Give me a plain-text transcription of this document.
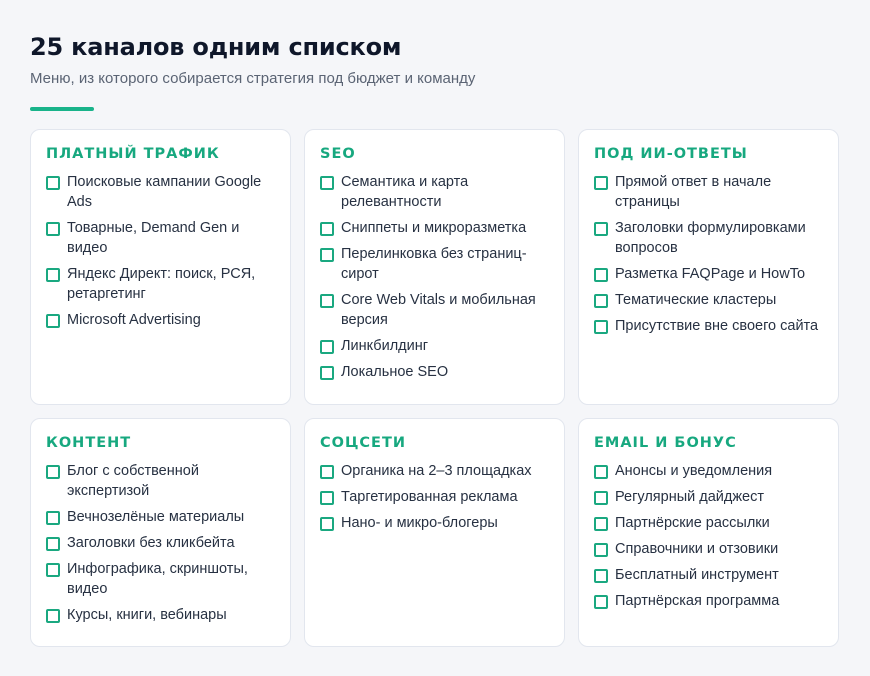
25 каналов одним списком

Меню, из которого собирается стратегия под бюджет и команду

ПЛАТНЫЙ ТРАФИК
Поисковые кампании Google Ads
Товарные, Demand Gen и видео
Яндекс Директ: поиск, РСЯ, ретаргетинг
Microsoft Advertising
SEO
Семантика и карта релевантности
Сниппеты и микроразметка
Перелинковка без страниц-сирот
Core Web Vitals и мобильная версия
Линкбилдинг
Локальное SEO
ПОД ИИ-ОТВЕТЫ
Прямой ответ в начале страницы
Заголовки формулировками вопросов
Разметка FAQPage и HowTo
Тематические кластеры
Присутствие вне своего сайта
КОНТЕНТ
Блог с собственной экспертизой
Вечнозелёные материалы
Заголовки без кликбейта
Инфографика, скриншоты, видео
Курсы, книги, вебинары
СОЦСЕТИ
Органика на 2–3 площадках
Таргетированная реклама
Нано- и микро-блогеры
EMAIL И БОНУС
Анонсы и уведомления
Регулярный дайджест
Партнёрские рассылки
Справочники и отзовики
Бесплатный инструмент
Партнёрская программа
